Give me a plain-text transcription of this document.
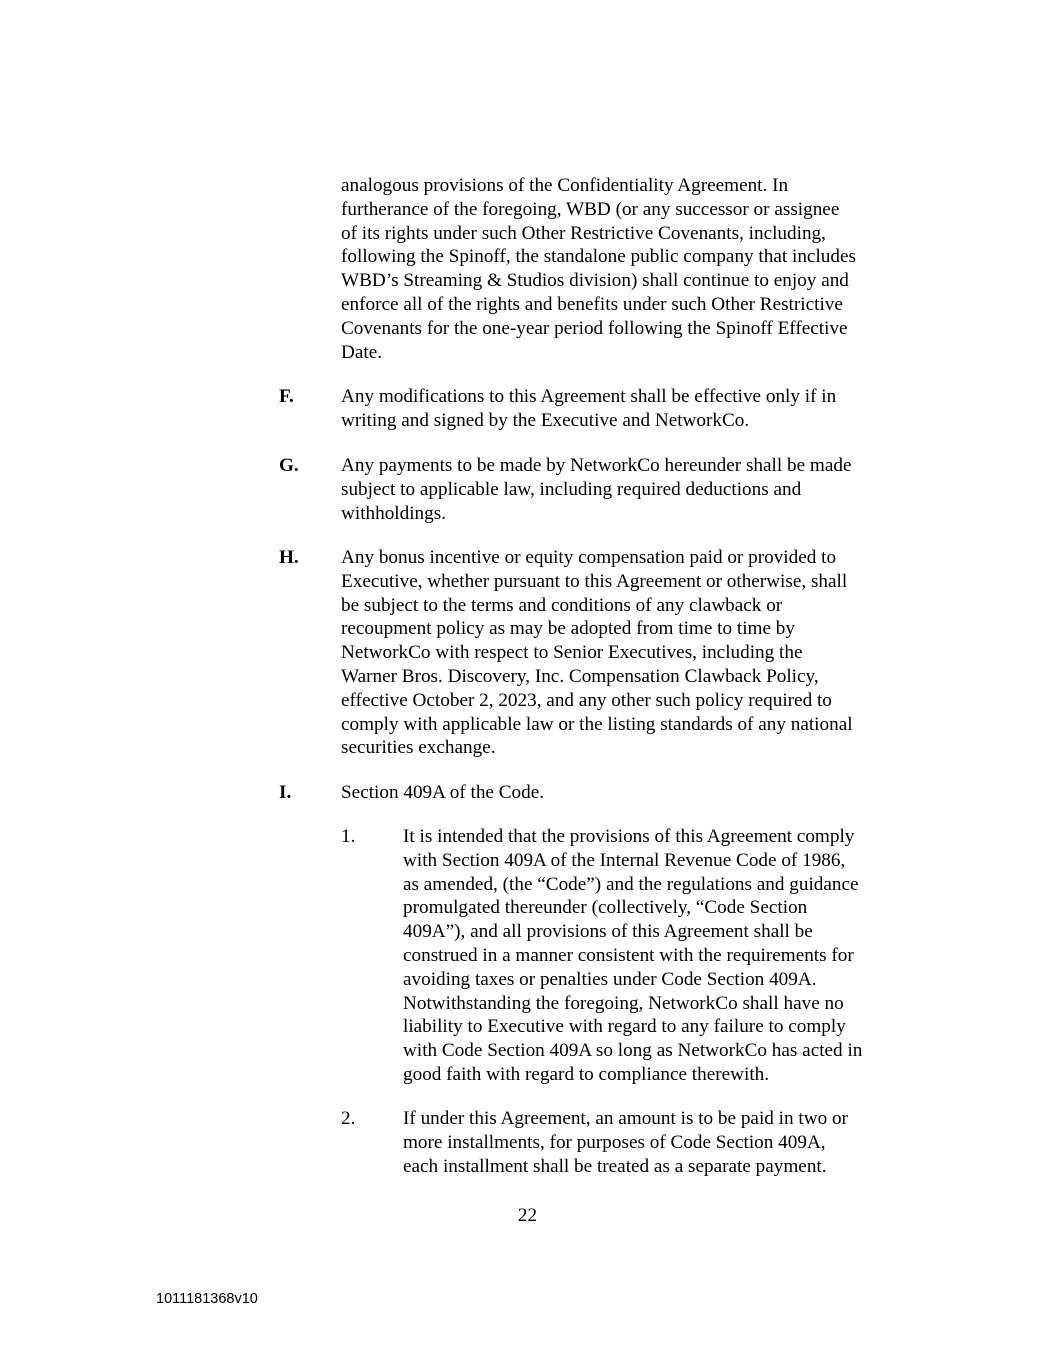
analogous provisions of the Confidentiality Agreement. In
furtherance of the foregoing, WBD (or any successor or assignee
of its rights under such Other Restrictive Covenants, including,
following the Spinoff, the standalone public company that includes
WBD’s Streaming & Studios division) shall continue to enjoy and
enforce all of the rights and benefits under such Other Restrictive
Covenants for the one-year period following the Spinoff Effective
Date.
F. Any modifications to this Agreement shall be effective only if in
writing and signed by the Executive and NetworkCo.
G. Any payments to be made by NetworkCo hereunder shall be made
subject to applicable law, including required deductions and
withholdings.
H. Any bonus incentive or equity compensation paid or provided to
Executive, whether pursuant to this Agreement or otherwise, shall
be subject to the terms and conditions of any clawback or
recoupment policy as may be adopted from time to time by
NetworkCo with respect to Senior Executives, including the
Warner Bros. Discovery, Inc. Compensation Clawback Policy,
effective October 2, 2023, and any other such policy required to
comply with applicable law or the listing standards of any national
securities exchange.
I.	Section 409A of the Code.
1. It is intended that the provisions of this Agreement comply
with Section 409A of the Internal Revenue Code of 1986,
as amended, (the “Code”) and the regulations and guidance
promulgated thereunder (collectively, “Code Section
409A”), and all provisions of this Agreement shall be
construed in a manner consistent with the requirements for
avoiding taxes or penalties under Code Section 409A.
Notwithstanding the foregoing, NetworkCo shall have no
liability to Executive with regard to any failure to comply
with Code Section 409A so long as NetworkCo has acted in
good faith with regard to compliance therewith.
2. If under this Agreement, an amount is to be paid in two or
more installments, for purposes of Code Section 409A,
each installment shall be treated as a separate payment.
22
1011181368v10
